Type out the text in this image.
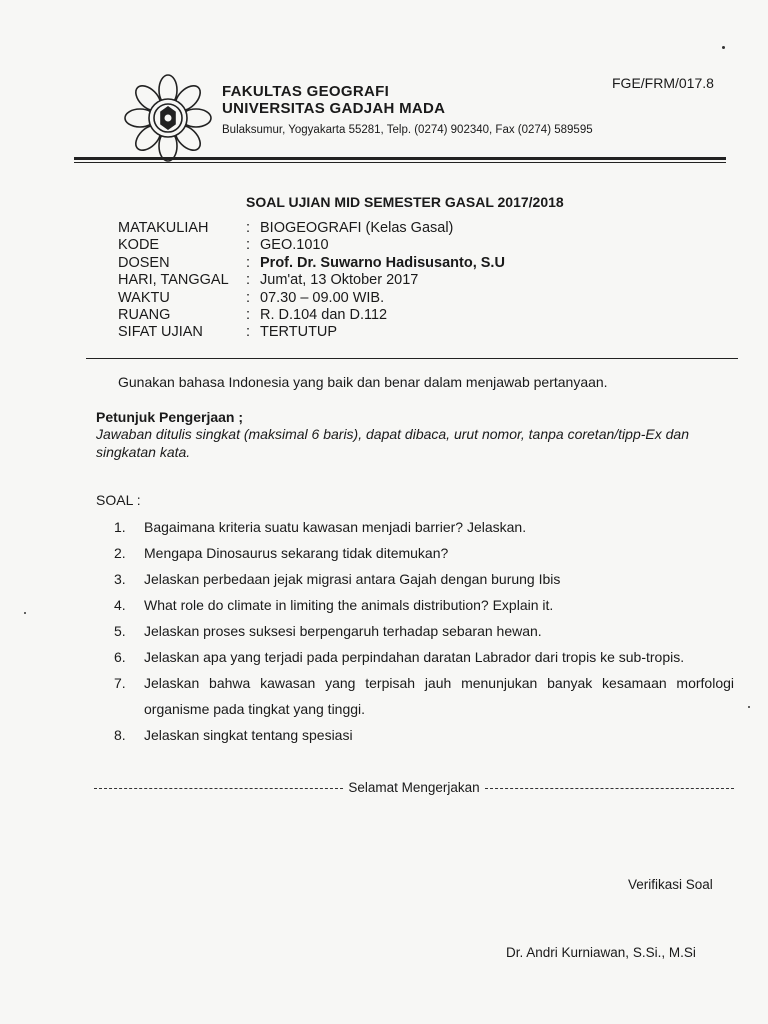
FGE/FRM/017.8
FAKULTAS GEOGRAFI
UNIVERSITAS GADJAH MADA
Bulaksumur, Yogyakarta 55281, Telp. (0274) 902340, Fax (0274) 589595
SOAL UJIAN MID SEMESTER GASAL 2017/2018
MATAKULIAH	: BIOGEOGRAFI (Kelas Gasal)
KODE	: GEO.1010
DOSEN	: Prof. Dr. Suwarno Hadisusanto, S.U
HARI, TANGGAL	: Jum'at, 13 Oktober 2017
WAKTU	: 07.30 – 09.00 WIB.
RUANG	: R. D.104 dan D.112
SIFAT UJIAN	: TERTUTUP
Gunakan bahasa Indonesia yang baik dan benar dalam menjawab pertanyaan.
Petunjuk Pengerjaan ;
Jawaban ditulis singkat (maksimal 6 baris), dapat dibaca, urut nomor, tanpa coretan/tipp-Ex dan singkatan kata.
SOAL :
1.	Bagaimana kriteria suatu kawasan menjadi barrier? Jelaskan.
2.	Mengapa Dinosaurus sekarang tidak ditemukan?
3.	Jelaskan perbedaan jejak migrasi antara Gajah dengan burung Ibis
4.	What role do climate in limiting the animals distribution? Explain it.
5.	Jelaskan proses suksesi berpengaruh terhadap sebaran hewan.
6.	Jelaskan apa yang terjadi pada perpindahan daratan Labrador dari tropis ke sub-tropis.
7.	Jelaskan bahwa kawasan yang terpisah jauh menunjukan banyak kesamaan morfologi organisme pada tingkat yang tinggi.
8.	Jelaskan singkat tentang spesiasi
Selamat Mengerjakan
Verifikasi Soal
Dr. Andri Kurniawan, S.Si., M.Si
